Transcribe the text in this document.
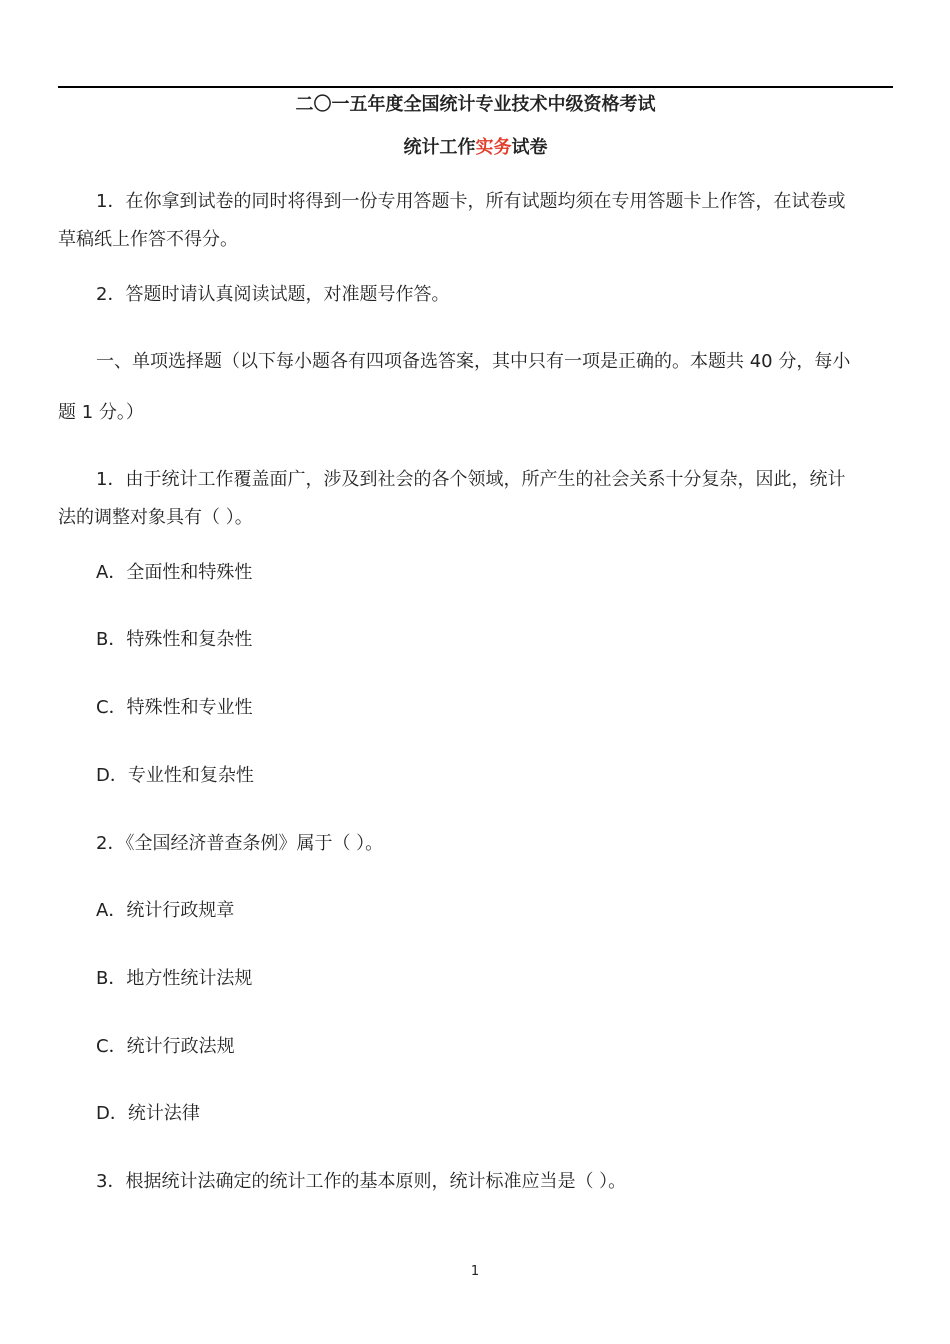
二〇一五年度全国统计专业技术中级资格考试
统计工作实务试卷
1．在你拿到试卷的同时将得到一份专用答题卡，所有试题均须在专用答题卡上作答，在试卷或
草稿纸上作答不得分。
2．答题时请认真阅读试题，对准题号作答。
一、单项选择题（以下每小题各有四项备选答案，其中只有一项是正确的。本题共 40 分，每小
题 1 分。）
1．由于统计工作覆盖面广，涉及到社会的各个领域，所产生的社会关系十分复杂，因此，统计
法的调整对象具有（ ）。
A．全面性和特殊性
B．特殊性和复杂性
C．特殊性和专业性
D．专业性和复杂性
2．《全国经济普查条例》属于（ ）。
A．统计行政规章
B．地方性统计法规
C．统计行政法规
D．统计法律
3．根据统计法确定的统计工作的基本原则，统计标准应当是（ ）。
1
